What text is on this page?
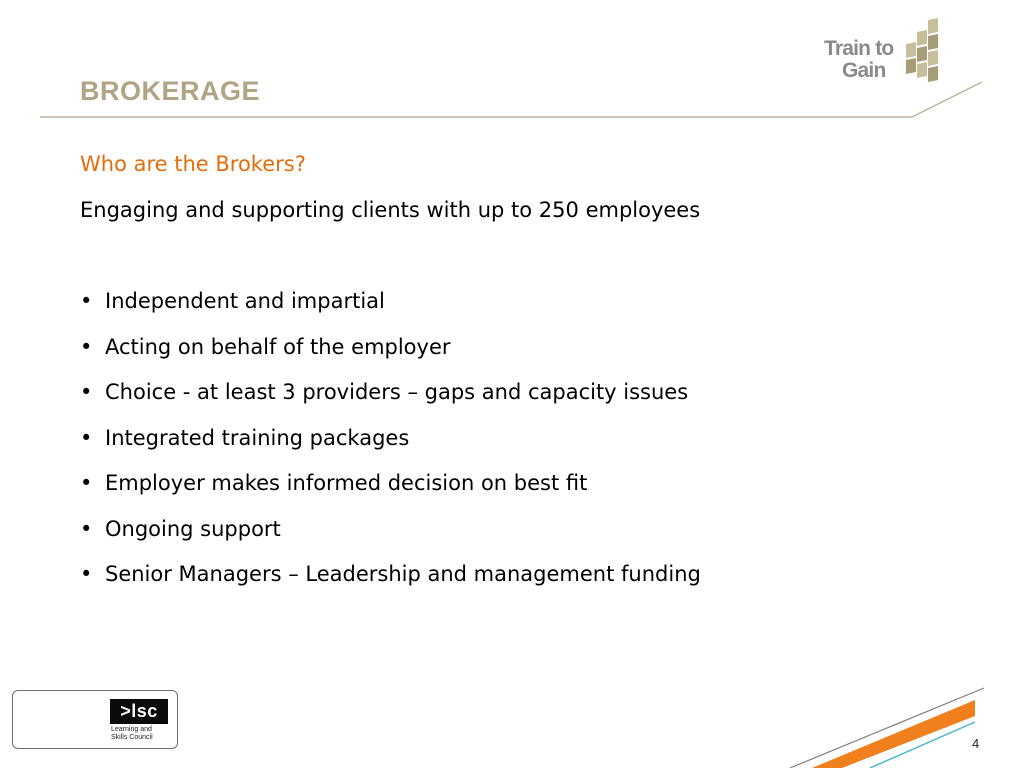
BROKERAGE
Train to
Gain
Who are the Brokers?

Engaging and supporting clients with up to 250 employees

• Independent and impartial
• Acting on behalf of the employer
• Choice - at least 3 providers – gaps and capacity issues
• Integrated training packages
• Employer makes informed decision on best fit
• Ongoing support
• Senior Managers – Leadership and management funding
>lsc
Learning and
Skills Council	4
